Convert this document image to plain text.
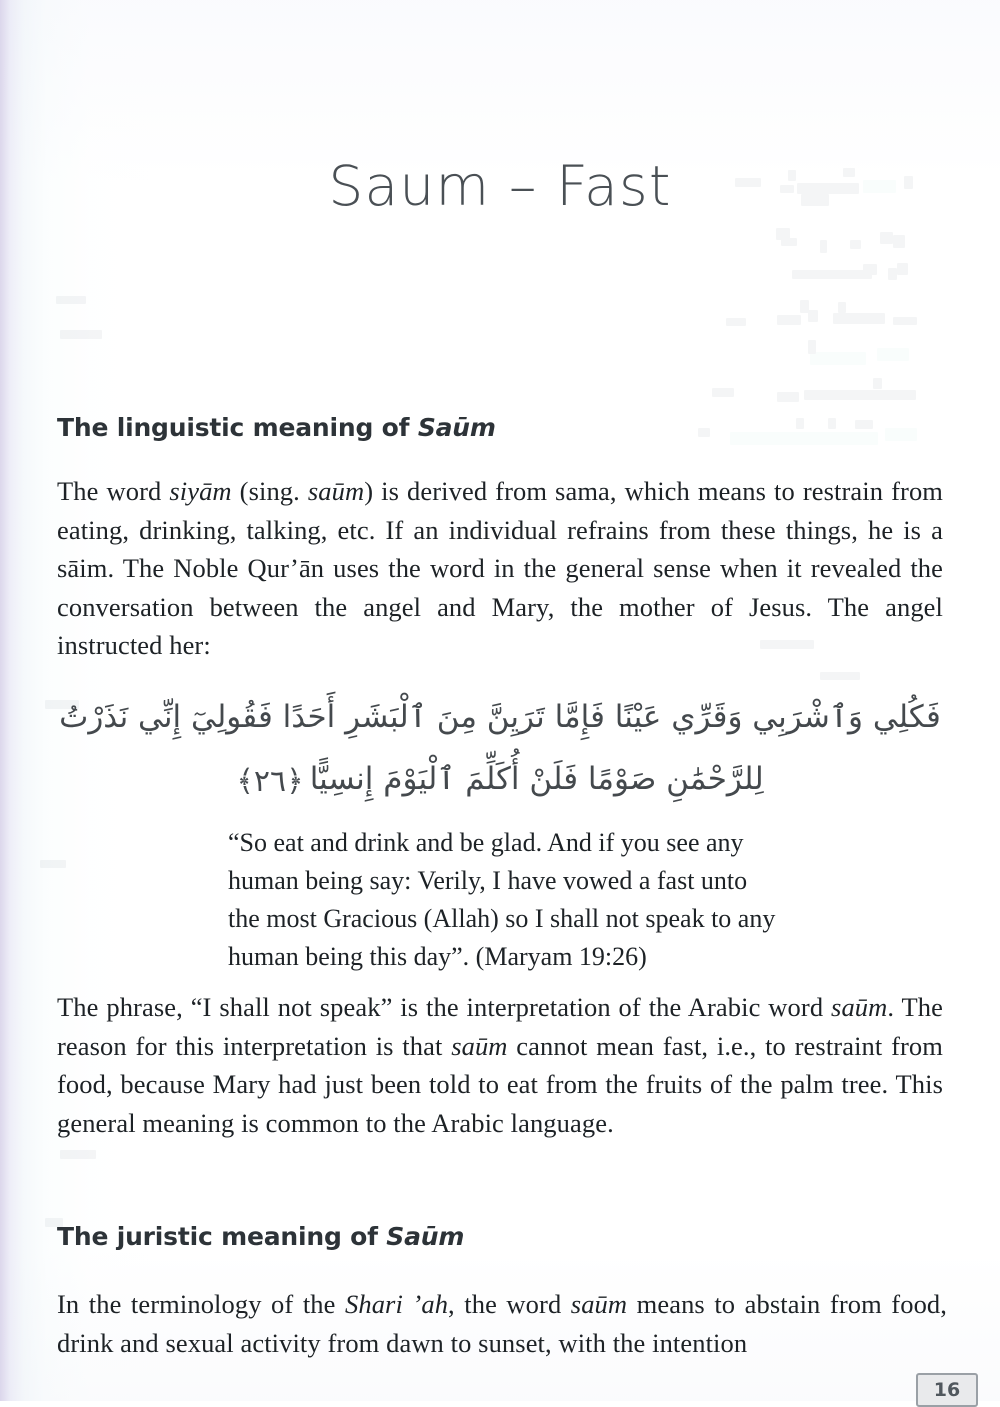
Saum – Fast
The linguistic meaning of Saūm
The word siyām (sing. saūm) is derived from sama, which means to restrain from eating, drinking, talking, etc. If an individual refrains from these things, he is a sāim. The Noble Qur’ān uses the word in the general sense when it revealed the conversation between the angel and Mary, the mother of Jesus. The angel instructed her:
فَكُلِي وَٱشْرَبِي وَقَرِّي عَيْنًا فَإِمَّا تَرَيِنَّ مِنَ ٱلْبَشَرِ أَحَدًا فَقُولِيٓ إِنِّي نَذَرْتُ
لِلرَّحْمَٰنِ صَوْمًا فَلَنْ أُكَلِّمَ ٱلْيَوْمَ إِنسِيًّا﴿٢٦﴾
“So eat and drink and be glad. And if you see any
human being say: Verily, I have vowed a fast unto
the most Gracious (Allah) so I shall not speak to any
human being this day”. (Maryam 19:26)
The phrase, “I shall not speak” is the interpretation of the Arabic word saūm. The reason for this interpretation is that saūm cannot mean fast, i.e., to restraint from food, because Mary had just been told to eat from the fruits of the palm tree. This general meaning is common to the Arabic language.
The juristic meaning of Saūm
In the terminology of the Shari ’ah, the word saūm means to abstain from food, drink and sexual activity from dawn to sunset, with the intention
16
